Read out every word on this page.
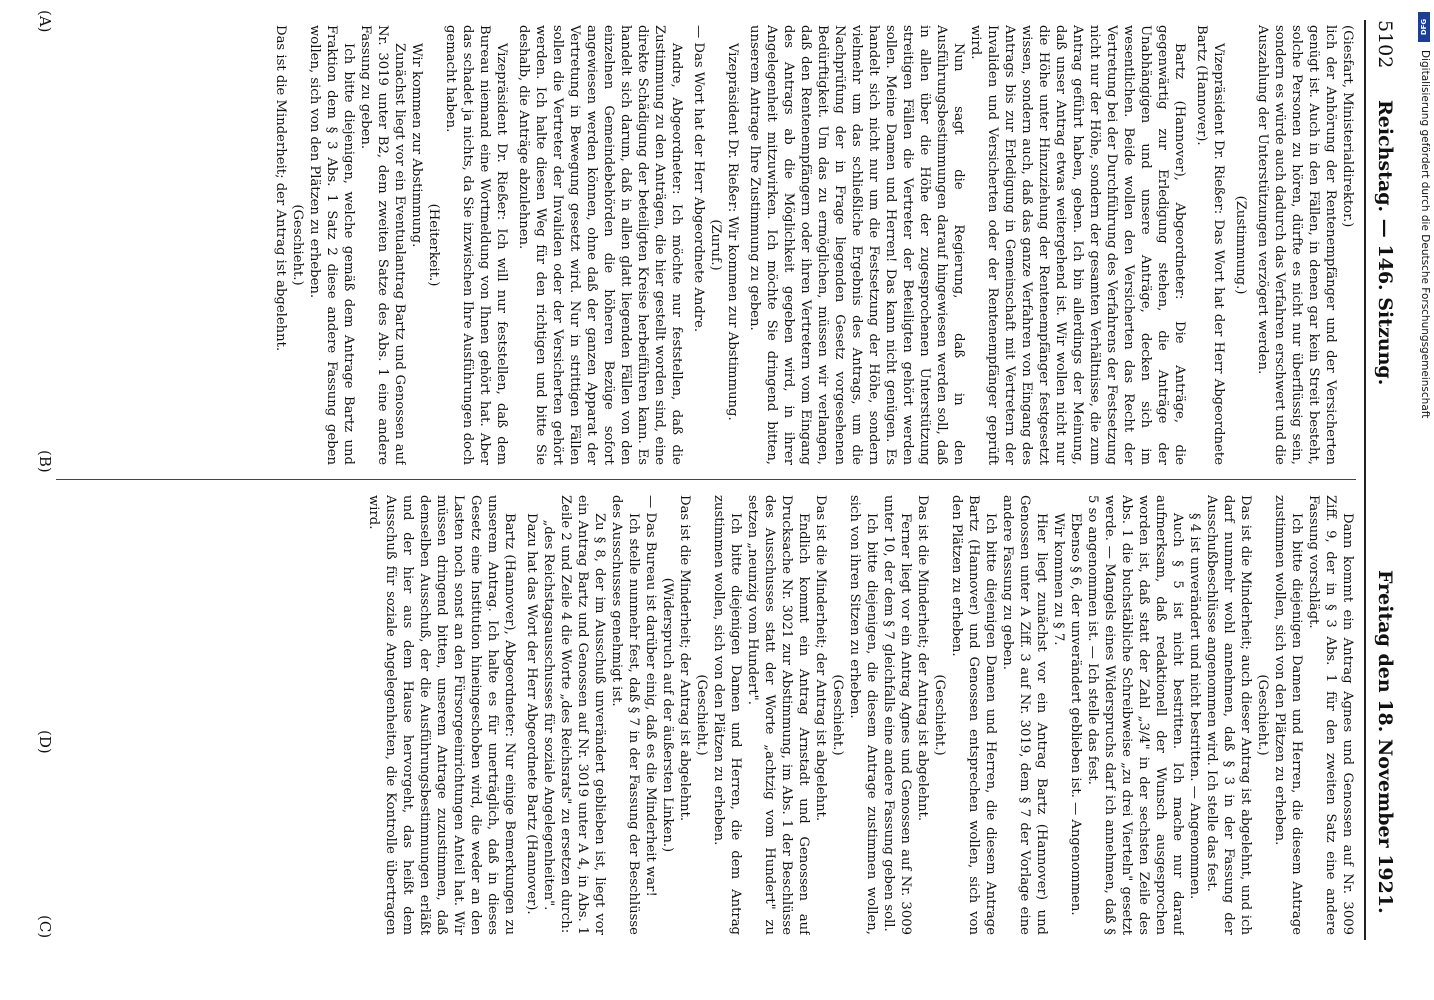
5102
Reichstag. — 146. Sitzung.
Freitag den 18. November 1921.
(A)
(B)
(C)
(D)

(Giesfart, Ministerialdirektor.)

lich der Anhörung der Rentenempfänger und der Versicherten genügt ist. Auch in den Fällen, in denen gar kein Streit besteht, solche Personen zu hören, dürfte es nicht nur überflüssig sein, sondern es würde auch dadurch das Verfahren erschwert und die Auszahlung der Unterstützungen verzögert werden.

(Zustimmung.)

Vizepräsident Dr. Rießer: Das Wort hat der Herr Abgeordnete Bartz (Hannover).

Bartz (Hannover), Abgeordneter: Die Anträge, die gegenwärtig zur Erledigung stehen, die Anträge der Unabhängigen und unsere Anträge, decken sich im wesentlichen. Beide wollen den Versicherten das Recht der Vertretung bei der Durchführung des Verfahrens der Festsetzung nicht nur der Höhe, sondern der gesamten Verhältnisse, die zum Antrag geführt haben, geben. Ich bin allerdings der Meinung, daß unser Antrag etwas weitergehend ist. Wir wollen nicht nur die Höhe unter Hinzuziehung der Rentenempfänger festgesetzt wissen, sondern auch, daß das ganze Verfahren von Eingang des Antrags bis zur Erledigung in Gemeinschaft mit Vertretern der Invaliden und Versicherten oder der Rentenempfänger geprüft wird.

Nun sagt die Regierung, daß in den Ausführungsbestimmungen darauf hingewiesen werden soll, daß in allen über die Höhe der zugesprochenen Unterstützung streitigen Fällen die Vertreter der Beteiligten gehört werden sollen. Meine Damen und Herren! Das kann nicht genügen. Es handelt sich nicht nur um die Festsetzung der Höhe, sondern vielmehr um das schließliche Ergebnis des Antrags, um die Nachprüfung der in Frage liegenden Gesetz vorgesehenen Bedürftigkeit. Um das zu ermöglichen, müssen wir verlangen, daß den Rentenempfängern oder ihren Vertretern vom Eingang des Antrags ab die Möglichkeit gegeben wird, in ihrer Angelegenheit mitzuwirken. Ich möchte Sie dringend bitten, unserem Antrage Ihre Zustimmung zu geben.

Vizepräsident Dr. Rießer: Wir kommen zur Abstimmung.

(Zuruf.)

— Das Wort hat der Herr Abgeordnete Andre.

Andre, Abgeordneter: Ich möchte nur feststellen, daß die Zustimmung zu den Anträgen, die hier gestellt worden sind, eine direkte Schädigung der beteiligten Kreise herbeiführen kann. Es handelt sich darum, daß in allen glatt liegenden Fällen von den einzelnen Gemeindebehörden die höheren Bezüge sofort angewiesen werden können, ohne daß der ganzen Apparat der Vertretung in Bewegung gesetzt wird. Nur in strittigen Fällen sollen die Vertreter der Invaliden oder der Versicherten gehört werden. Ich halte diesen Weg für den richtigen und bitte Sie deshalb, die Anträge abzulehnen.

Vizepräsident Dr. Rießer: Ich will nur feststellen, daß dem Bureau niemand eine Wortmeldung von Ihnen gehört hat. Aber das schadet ja nichts, da Sie inzwischen Ihre Ausführungen doch gemacht haben.

(Heiterkeit.)

Wir kommen zur Abstimmung.

Zunächst liegt vor ein Eventualantrag Bartz und Genossen auf Nr. 3019 unter B2, dem zweiten Satze des Abs. 1 eine andere Fassung zu geben.

Ich bitte diejenigen, welche gemäß dem Antrage Bartz und Fraktion dem § 3 Abs. 1 Satz 2 diese andere Fassung geben wollen, sich von den Plätzen zu erheben.

(Geschieht.)

Das ist die Minderheit; der Antrag ist abgelehnt.

Dann kommt ein Antrag Agnes und Genossen auf Nr. 3009 Ziff. 9, der in § 3 Abs. 1 für den zweiten Satz eine andere Fassung vorschlägt.

Ich bitte diejenigen Damen und Herren, die diesem Antrage zustimmen wollen, sich von den Plätzen zu erheben.

(Geschieht.)

Das ist die Minderheit; auch dieser Antrag ist abgelehnt, und ich darf nunmehr wohl annehmen, daß § 3 in der Fassung der Ausschußbeschlüsse angenommen wird. Ich stelle das fest.

§ 4 ist unverändert und nicht bestritten. — Angenommen.

Auch § 5 ist nicht bestritten. Ich mache nur darauf aufmerksam, daß redaktionell der Wunsch ausgesprochen worden ist, daß statt der Zahl „3/4" in der sechsten Zeile des Abs. 1 die buchstäbliche Schreibweise „zu drei Vierteln" gesetzt werde. — Mangels eines Widerspruchs darf ich annehmen, daß § 5 so angenommen ist. — Ich stelle das fest.

Ebenso § 6, der unverändert geblieben ist. — Angenommen.

Wir kommen zu § 7.

Hier liegt zunächst vor ein Antrag Bartz (Hannover) und Genossen unter A Ziff. 3 auf Nr. 3019, dem § 7 der Vorlage eine andere Fassung zu geben.

Ich bitte diejenigen Damen und Herren, die diesem Antrage Bartz (Hannover) und Genossen entsprechen wollen, sich von den Plätzen zu erheben.

(Geschieht.)

Das ist die Minderheit; der Antrag ist abgelehnt.

Ferner liegt vor ein Antrag Agnes und Genossen auf Nr. 3009 unter 10, der dem § 7 gleichfalls eine andere Fassung geben soll.

Ich bitte diejenigen, die diesem Antrage zustimmen wollen, sich von ihren Sitzen zu erheben.

(Geschieht.)

Das ist die Minderheit; der Antrag ist abgelehnt.

Endlich kommt ein Antrag Arnstadt und Genossen auf Drucksache Nr. 3021 zur Abstimmung, im Abs. 1 der Beschlüsse des Ausschusses statt der Worte „achtzig vom Hundert" zu setzen „neunzig vom Hundert".

Ich bitte diejenigen Damen und Herren, die dem Antrag zustimmen wollen, sich von den Plätzen zu erheben.

(Geschieht.)

Das ist die Minderheit; der Antrag ist abgelehnt.

(Widerspruch auf der äußersten Linken.)

— Das Bureau ist darüber einig, daß es die Minderheit war!

Ich stelle nunmehr fest, daß § 7 in der Fassung der Beschlüsse des Ausschusses genehmigt ist.

Zu § 8, der im Ausschuß unverändert geblieben ist, liegt vor ein Antrag Bartz und Genossen auf Nr. 3019 unter A 4, in Abs. 1 Zeile 2 und Zeile 4 die Worte „des Reichsrats" zu ersetzen durch:

„des Reichstagsausschusses für soziale Angelegenheiten".

Dazu hat das Wort der Herr Abgeordnete Bartz (Hannover).

Bartz (Hannover), Abgeordneter: Nur einige Bemerkungen zu unserem Antrag. Ich halte es für unerträglich, daß in dieses Gesetz eine Institution hineingeschoben wird, die weder an den Lasten noch sonst an den Fürsorgeeinrichtungen Anteil hat. Wir müssen dringend bitten, unserem Antrage zuzustimmen, daß demselben Ausschuß, der die Ausführungsbestimmungen erläßt und der hier aus dem Hause hervorgeht, das heißt dem Ausschuß für soziale Angelegenheiten, die Kontrolle übertragen wird.

DFG
Digitalisierung gefördert durch die Deutsche Forschungsgemeinschaft
